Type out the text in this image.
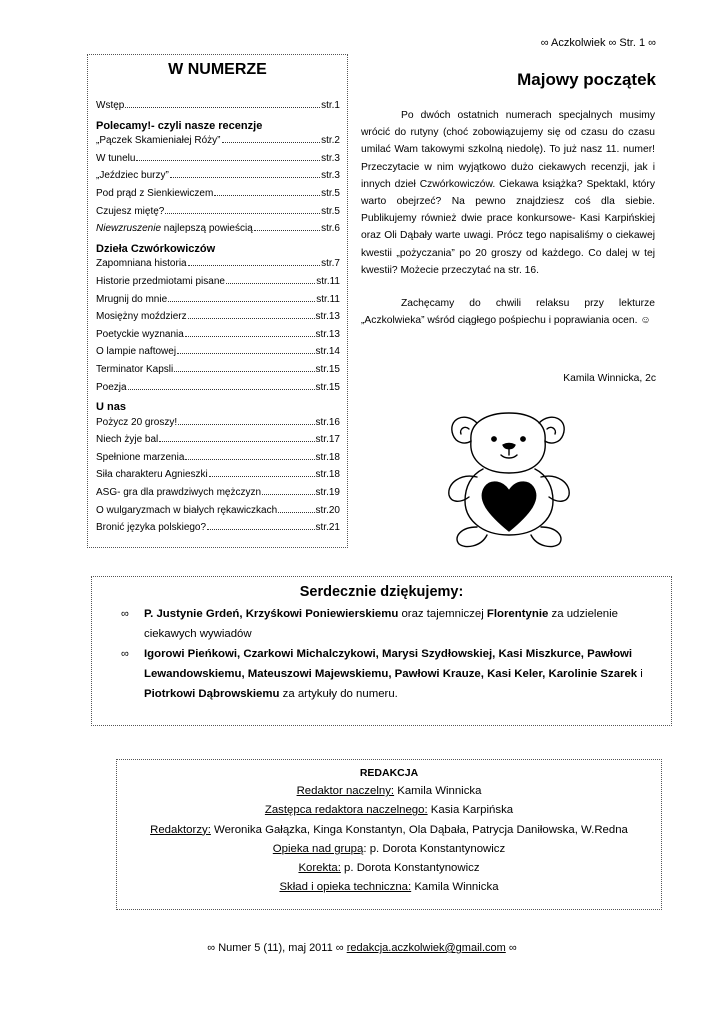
∞ Aczkolwiek ∞ Str. 1 ∞
W NUMERZE
Wstęp	str.1
Polecamy!- czyli nasze recenzje
„Pączek Skamieniałej Róży”	str.2
W tunelu	str.3
„Jeździec burzy”	str.3
Pod prąd z Sienkiewiczem	str.5
Czujesz miętę?	str.5
Niewzruszenie najlepszą powieścią	str.6
Dzieła Czwórkowiczów
Zapomniana historia	str.7
Historie przedmiotami pisane	str.11
Mrugnij do mnie	str.11
Mosiężny moździerz	str.13
Poetyckie wyznania	str.13
O lampie naftowej	str.14
Terminator Kapsli	str.15
Poezja	str.15
U nas
Pożycz 20 groszy!	str.16
Niech żyje bal	str.17
Spełnione marzenia	str.18
Siła charakteru Agnieszki	str.18
ASG- gra dla prawdziwych mężczyzn	str.19
O wulgaryzmach w białych rękawiczkach	str.20
Bronić języka polskiego?	str.21
Majowy początek

Po dwóch ostatnich numerach specjalnych musimy wrócić do rutyny (choć zobowiązujemy się od czasu do czasu umilać Wam takowymi szkolną niedolę). To już nasz 11. numer! Przeczytacie w nim wyjątkowo dużo ciekawych recenzji, jak i innych dzieł Czwórkowiczów. Ciekawa książka? Spektakl, który warto obejrzeć? Na pewno znajdziesz coś dla siebie. Publikujemy również dwie prace konkursowe- Kasi Karpińskiej oraz Oli Dąbały warte uwagi. Prócz tego napisaliśmy o ciekawej kwestii „pożyczania” po 20 groszy od każdego. Co dalej w tej kwestii? Możecie przeczytać na str. 16.

Zachęcamy do chwili relaksu przy lekturze „Aczkolwieka” wśród ciągłego pośpiechu i poprawiania ocen. ☺

Kamila Winnicka, 2c
Serdecznie dziękujemy:
∞ P. Justynie Grdeń, Krzyśkowi Poniewierskiemu oraz tajemniczej Florentynie za udzielenie ciekawych wywiadów
∞ Igorowi Pieńkowi, Czarkowi Michalczykowi, Marysi Szydłowskiej, Kasi Miszkurce, Pawłowi Lewandowskiemu, Mateuszowi Majewskiemu, Pawłowi Krauze, Kasi Keler, Karolinie Szarek i Piotrkowi Dąbrowskiemu za artykuły do numeru.
REDAKCJA
Redaktor naczelny: Kamila Winnicka
Zastępca redaktora naczelnego: Kasia Karpińska
Redaktorzy: Weronika Gałązka, Kinga Konstantyn, Ola Dąbała, Patrycja Daniłowska, W.Redna
Opieka nad grupą: p. Dorota Konstantynowicz
Korekta: p. Dorota Konstantynowicz
Skład i opieka techniczna: Kamila Winnicka
∞ Numer 5 (11), maj 2011 ∞ redakcja.aczkolwiek@gmail.com ∞
